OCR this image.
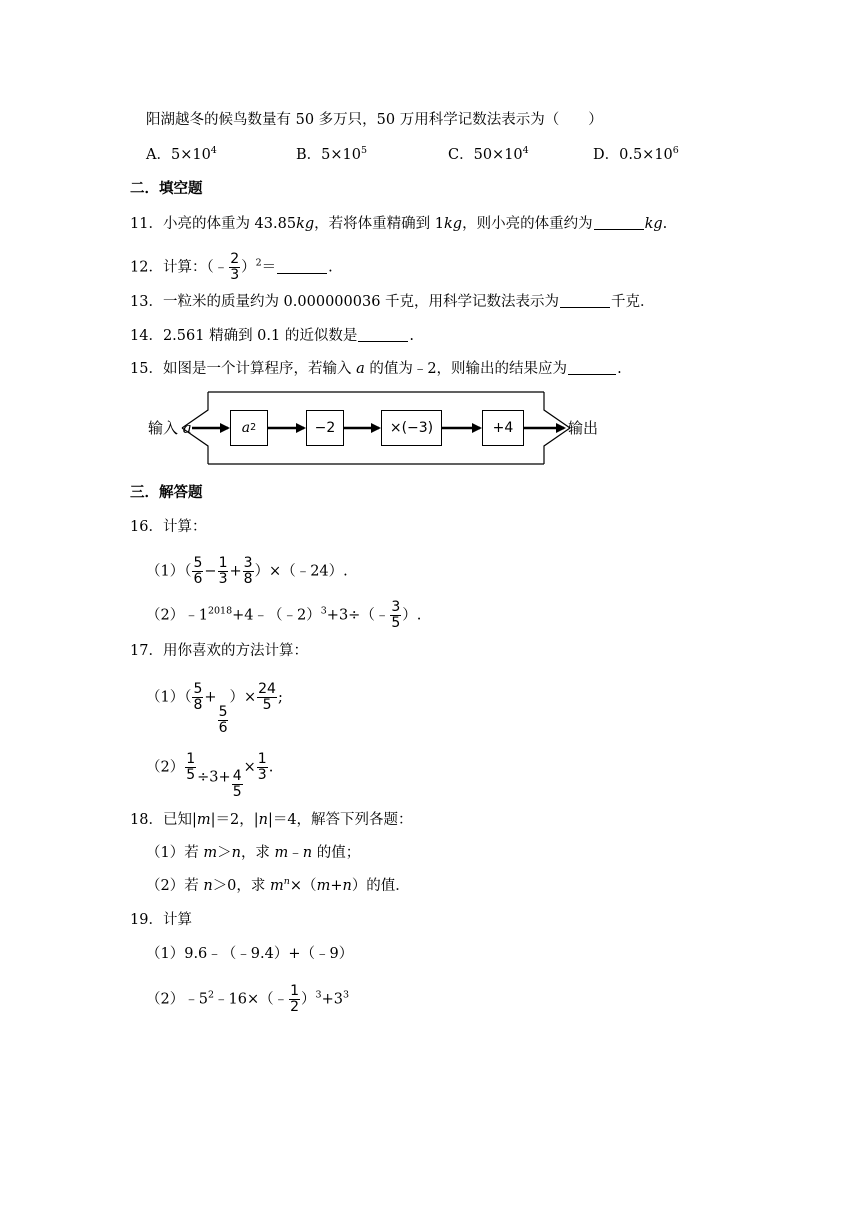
阳湖越冬的候鸟数量有 50 多万只，50 万用科学记数法表示为（　　）
A．$5\times 10^4$	B．$5\times 10^5$	C．$50\times 10^4$	D．$0.5\times 10^6$
二．填空题
11．小亮的体重为 43.85kg，若将体重精确到 1kg，则小亮的体重约为	kg.
12．计算：（﹣ $\frac{2}{3} )^2=$	.
13．一粒米的质量约为 0.000000036 千克，用科学记数法表示为	千克．
14．2.561 精确到 0.1 的近似数是	.
15．如图是一个计算程序，若输入 a 的值为﹣2，则输出的结果应为	.
输入 a	a 2	−2	×(−3)	+4	输出
三．解答题
16．计算：
$(1)( \frac{5}{6} - \frac{1}{3} + \frac{3}{8}$ ）×（﹣24）.
$(2)﹣1^{2018}+4﹣(﹣2)^3+3\div(﹣ \frac{3}{5}$ ）.
17．用你喜欢的方法计算：
$(1)( \frac{5}{8}$ +
$\frac{5}{6}$
）× $\frac{24}{5}$ ;
$(2) \frac{1}{5} \div 3+ \frac{4}{5}$
× $\frac{1}{3}$ .
18．已知|m|＝2，|n|＝4，解答下列各题：
（1）若 m＞n，求 m﹣n 的值；
（2）若 n＞0，求 $m^n\times(m+n)$的值．
19．计算
（1）9.6﹣（﹣9.4）+（﹣9）
$(2)﹣5^2﹣16\times(﹣ \frac{1}{2} )^3+3^3$
